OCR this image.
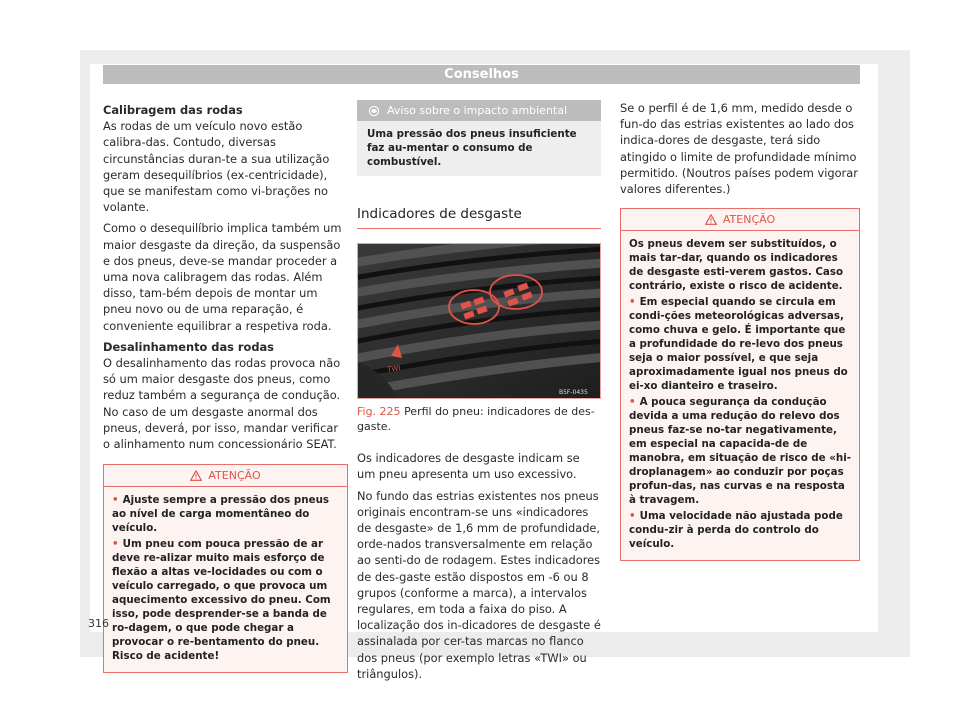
Conselhos
Calibragem das rodas

As rodas de um veículo novo estão calibra-das. Contudo, diversas circunstâncias duran-te a sua utilização geram desequilíbrios (ex-centricidade), que se manifestam como vi-brações no volante.

Como o desequilíbrio implica também um maior desgaste da direção, da suspensão e dos pneus, deve-se mandar proceder a uma nova calibragem das rodas. Além disso, tam-bém depois de montar um pneu novo ou de uma reparação, é conveniente equilibrar a respetiva roda.

Desalinhamento das rodas

O desalinhamento das rodas provoca não só um maior desgaste dos pneus, como reduz também a segurança de condução. No caso de um desgaste anormal dos pneus, deverá, por isso, mandar verificar o alinhamento num concessionário SEAT.

ATENÇÃO

• Ajuste sempre a pressão dos pneus ao nível de carga momentâneo do veículo.

• Um pneu com pouca pressão de ar deve re-alizar muito mais esforço de flexão a altas ve-locidades ou com o veículo carregado, o que provoca um aquecimento excessivo do pneu. Com isso, pode desprender-se a banda de ro-dagem, o que pode chegar a provocar o re-bentamento do pneu. Risco de acidente!

Aviso sobre o impacto ambiental
Uma pressão dos pneus insuficiente faz au-mentar o consumo de combustível.
Indicadores de desgaste
TWI
B5F-0435
Fig. 225 Perfil do pneu: indicadores de des-gaste.

Os indicadores de desgaste indicam se um pneu apresenta um uso excessivo.

No fundo das estrias existentes nos pneus originais encontram-se uns «indicadores de desgaste» de 1,6 mm de profundidade, orde-nados transversalmente em relação ao senti-do de rodagem. Estes indicadores de des-gaste estão dispostos em -6 ou 8 grupos (conforme a marca), a intervalos regulares, em toda a faixa do piso. A localização dos in-dicadores de desgaste é assinalada por cer-tas marcas no flanco dos pneus (por exemplo letras «TWI» ou triângulos).

Se o perfil é de 1,6 mm, medido desde o fun-do das estrias existentes ao lado dos indica-dores de desgaste, terá sido atingido o limite de profundidade mínimo permitido. (Noutros países podem vigorar valores diferentes.)

ATENÇÃO

Os pneus devem ser substituídos, o mais tar-dar, quando os indicadores de desgaste esti-verem gastos. Caso contrário, existe o risco de acidente.

• Em especial quando se circula em condi-ções meteorológicas adversas, como chuva e gelo. É importante que a profundidade do re-levo dos pneus seja o maior possível, e que seja aproximadamente igual nos pneus do ei-xo dianteiro e traseiro.

• A pouca segurança da condução devida a uma redução do relevo dos pneus faz-se no-tar negativamente, em especial na capacida-de de manobra, em situação de risco de «hi-droplanagem» ao conduzir por poças profun-das, nas curvas e na resposta à travagem.

• Uma velocidade não ajustada pode condu-zir à perda do controlo do veículo.

316
